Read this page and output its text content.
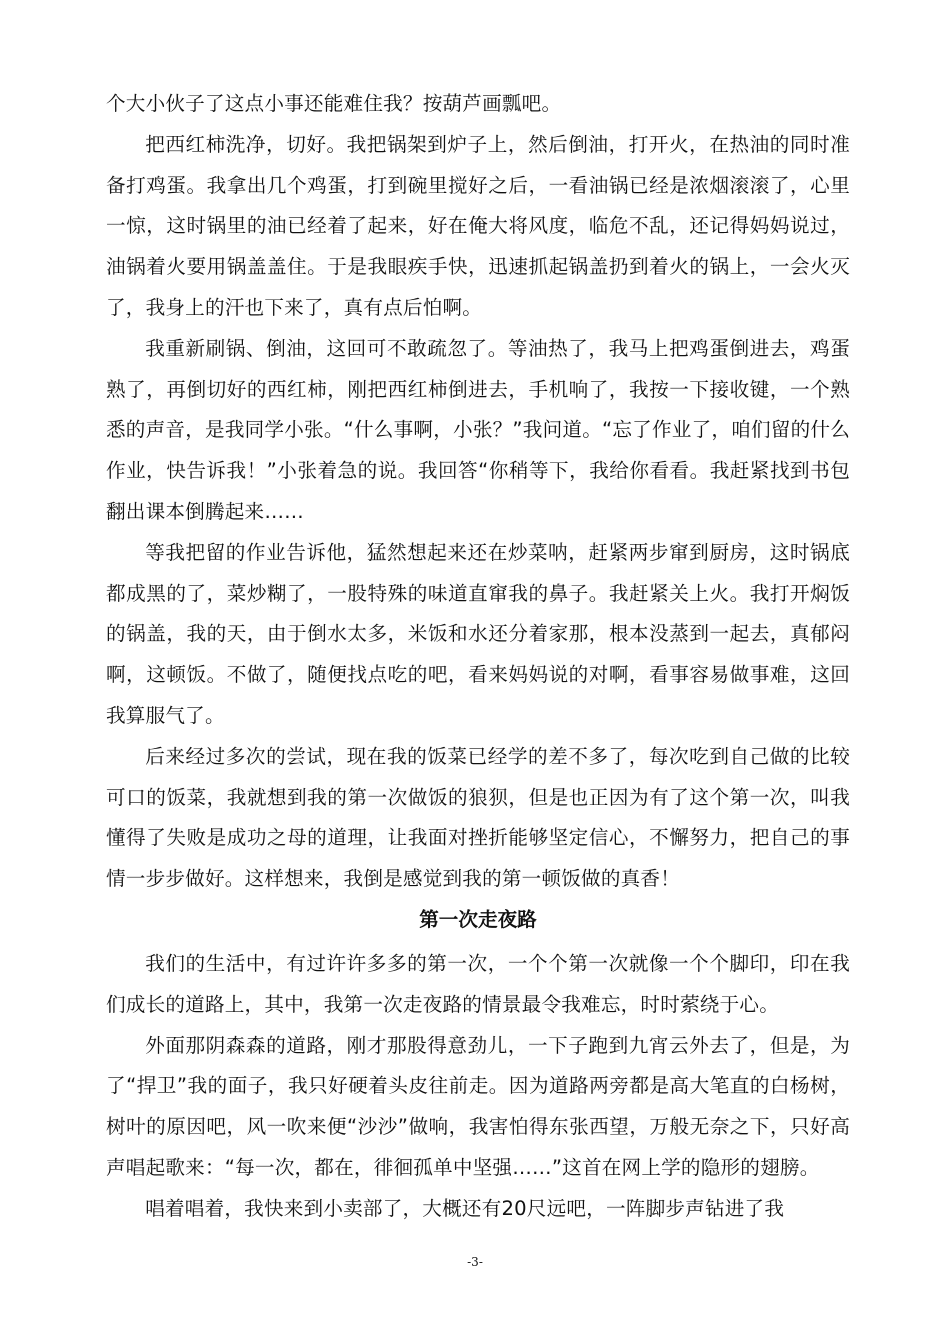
个大小伙子了这点小事还能难住我？按葫芦画瓢吧。

把西红柿洗净，切好。我把锅架到炉子上，然后倒油，打开火，在热油的同时准备打鸡蛋。我拿出几个鸡蛋，打到碗里搅好之后，一看油锅已经是浓烟滚滚了，心里一惊，这时锅里的油已经着了起来，好在俺大将风度，临危不乱，还记得妈妈说过，油锅着火要用锅盖盖住。于是我眼疾手快，迅速抓起锅盖扔到着火的锅上，一会火灭了，我身上的汗也下来了，真有点后怕啊。

我重新刷锅、倒油，这回可不敢疏忽了。等油热了，我马上把鸡蛋倒进去，鸡蛋熟了，再倒切好的西红柿，刚把西红柿倒进去，手机响了，我按一下接收键，一个熟悉的声音，是我同学小张。“什么事啊，小张？”我问道。“忘了作业了，咱们留的什么作业，快告诉我！”小张着急的说。我回答“你稍等下，我给你看看。我赶紧找到书包翻出课本倒腾起来……

等我把留的作业告诉他，猛然想起来还在炒菜呐，赶紧两步窜到厨房，这时锅底都成黑的了，菜炒糊了，一股特殊的味道直窜我的鼻子。我赶紧关上火。我打开焖饭的锅盖，我的天，由于倒水太多，米饭和水还分着家那，根本没蒸到一起去，真郁闷啊，这顿饭。不做了，随便找点吃的吧，看来妈妈说的对啊，看事容易做事难，这回我算服气了。

后来经过多次的尝试，现在我的饭菜已经学的差不多了，每次吃到自己做的比较可口的饭菜，我就想到我的第一次做饭的狼狈，但是也正因为有了这个第一次，叫我懂得了失败是成功之母的道理，让我面对挫折能够坚定信心，不懈努力，把自己的事情一步步做好。这样想来，我倒是感觉到我的第一顿饭做的真香！

第一次走夜路

我们的生活中，有过许许多多的第一次，一个个第一次就像一个个脚印，印在我们成长的道路上，其中，我第一次走夜路的情景最令我难忘，时时萦绕于心。

外面那阴森森的道路，刚才那股得意劲儿，一下子跑到九宵云外去了，但是，为了“捍卫”我的面子，我只好硬着头皮往前走。因为道路两旁都是高大笔直的白杨树，树叶的原因吧，风一吹来便“沙沙”做响，我害怕得东张西望，万般无奈之下，只好高声唱起歌来：“每一次，都在，徘徊孤单中坚强……”这首在网上学的隐形的翅膀。

唱着唱着，我快来到小卖部了，大概还有20尺远吧，一阵脚步声钻进了我

-3-
